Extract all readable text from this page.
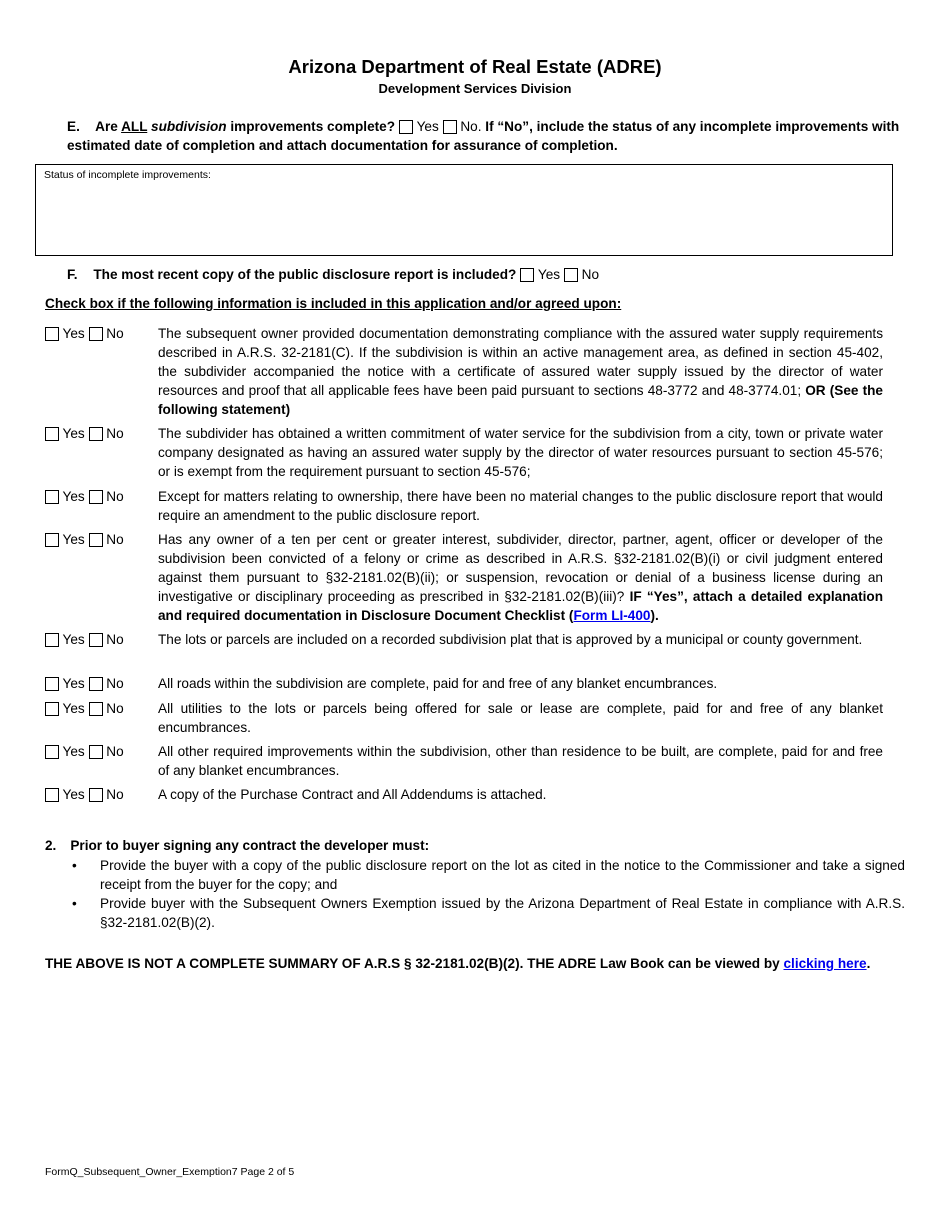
Arizona Department of Real Estate (ADRE)
Development Services Division
E. Are ALL subdivision improvements complete? Yes No. If “No”, include the status of any incomplete improvements with estimated date of completion and attach documentation for assurance of completion.
Status of incomplete improvements:
F. The most recent copy of the public disclosure report is included? Yes No
Check box if the following information is included in this application and/or agreed upon:
Yes No	The subsequent owner provided documentation demonstrating compliance with the assured water supply requirements described in A.R.S. 32-2181(C). If the subdivision is within an active management area, as defined in section 45-402, the subdivider accompanied the notice with a certificate of assured water supply issued by the director of water resources and proof that all applicable fees have been paid pursuant to sections 48-3772 and 48-3774.01; OR (See the following statement)
Yes No	The subdivider has obtained a written commitment of water service for the subdivision from a city, town or private water company designated as having an assured water supply by the director of water resources pursuant to section 45-576; or is exempt from the requirement pursuant to section 45-576;
Yes No	Except for matters relating to ownership, there have been no material changes to the public disclosure report that would require an amendment to the public disclosure report.
Yes No	Has any owner of a ten per cent or greater interest, subdivider, director, partner, agent, officer or developer of the subdivision been convicted of a felony or crime as described in A.R.S. §32-2181.02(B)(i) or civil judgment entered against them pursuant to §32-2181.02(B)(ii); or suspension, revocation or denial of a business license during an investigative or disciplinary proceeding as prescribed in §32-2181.02(B)(iii)? IF “Yes”, attach a detailed explanation and required documentation in Disclosure Document Checklist (Form LI-400).
Yes No	The lots or parcels are included on a recorded subdivision plat that is approved by a municipal or county government.
Yes No	All roads within the subdivision are complete, paid for and free of any blanket encumbrances.
Yes No	All utilities to the lots or parcels being offered for sale or lease are complete, paid for and free of any blanket encumbrances.
Yes No	All other required improvements within the subdivision, other than residence to be built, are complete, paid for and free of any blanket encumbrances.
Yes No	A copy of the Purchase Contract and All Addendums is attached.
2. Prior to buyer signing any contract the developer must:
• Provide the buyer with a copy of the public disclosure report on the lot as cited in the notice to the Commissioner and take a signed receipt from the buyer for the copy; and
• Provide buyer with the Subsequent Owners Exemption issued by the Arizona Department of Real Estate in compliance with A.R.S. §32-2181.02(B)(2).
THE ABOVE IS NOT A COMPLETE SUMMARY OF A.R.S § 32-2181.02(B)(2). THE ADRE Law Book can be viewed by clicking here.
FormQ_Subsequent_Owner_Exemption7 Page 2 of 5
